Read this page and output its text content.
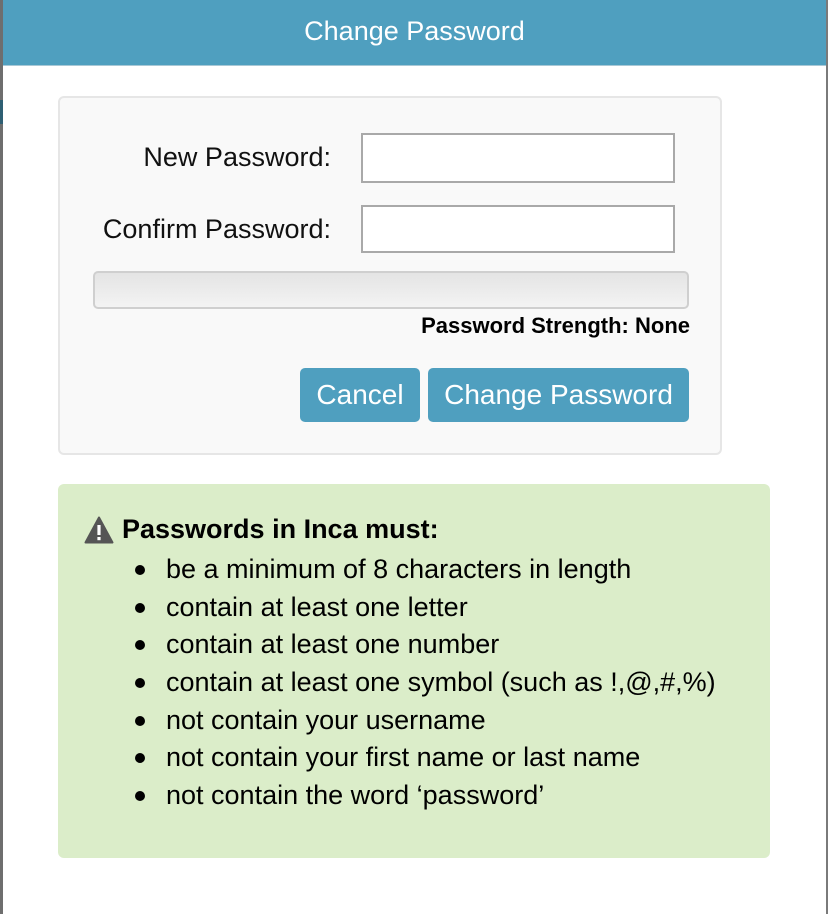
Change Password
New Password:
Confirm Password:
Password Strength: None
Cancel	Change Password
Passwords in Inca must:
be a minimum of 8 characters in length
contain at least one letter
contain at least one number
contain at least one symbol (such as !,@,#,%)
not contain your username
not contain your first name or last name
not contain the word ‘password’
